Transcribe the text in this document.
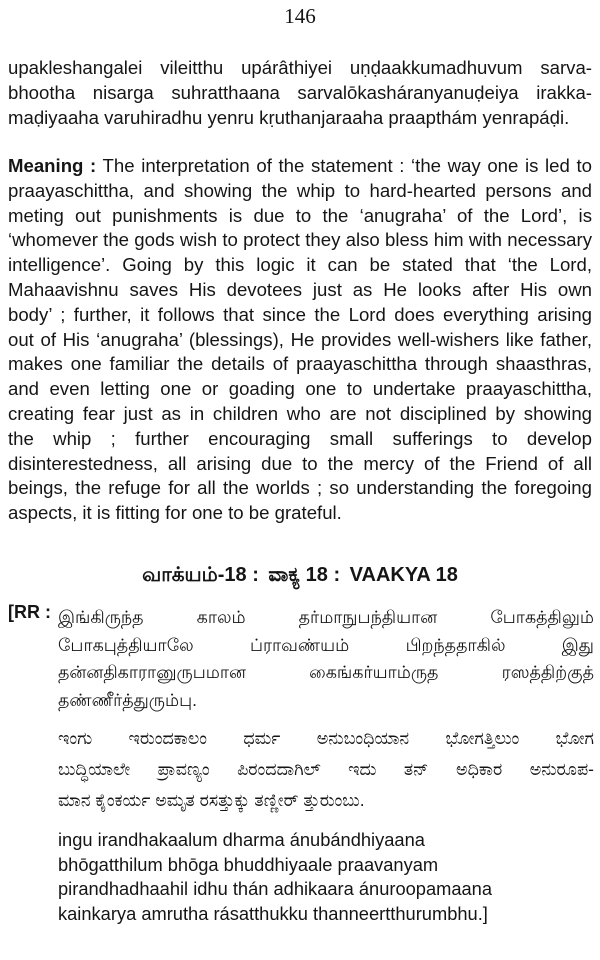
146
upakleshangalei vileitthu upárâthiyei uṇḍaakkumadhuvum sarva-
bhootha nisarga suhratthaana sarvalōkasháranyanuḍeiya irakka-
maḍiyaaha varuhiradhu yenru kṛuthanjaraaha praapthám yenrapáḍi.
Meaning : The interpretation of the statement : ‘the way one is led to
praayaschittha, and showing the whip to hard-hearted persons and
meting out punishments is due to the ‘anugraha’ of the Lord’, is
‘whomever the gods wish to protect they also bless him with necessary
intelligence’. Going by this logic it can be stated that ‘the Lord,
Mahaavishnu saves His devotees just as He looks after His own
body’ ; further, it follows that since the Lord does everything arising
out of His ‘anugraha’ (blessings), He provides well-wishers like father,
makes one familiar the details of praayaschittha through shaasthras,
and even letting one or goading one to undertake praayaschittha,
creating fear just as in children who are not disciplined by showing
the whip ; further encouraging small sufferings to develop
disinterestedness, all arising due to the mercy of the Friend of all
beings, the refuge for all the worlds ; so understanding the foregoing
aspects, it is fitting for one to be grateful.
வாக்யம்-18 : ವಾಕ್ಯ 18 : VAAKYA 18
[RR : இங்கிருந்த காலம் தர்மாநுபந்தியான போகத்திலும்
போகபுத்தியாலே ப்ராவண்யம் பிறந்ததாகில் இது
தன்னதிகாரானுருபமான கைங்கர்யாம்ருத ரஸத்திற்குத்
தண்ணீர்த்துரும்பு.
ಇಂಗು ಇರುಂದಕಾಲಂ ಧರ್ಮ ಅನುಬಂಧಿಯಾನ ಭೋಗತ್ತಿಲುಂ ಭೋಗ
ಬುದ್ಧಿಯಾಲೇ ಪ್ರಾವಣ್ಯಂ ಪಿರಂದದಾಗಿಲ್ ಇದು ತನ್ ಅಧಿಕಾರ ಅನುರೂಪ-
ಮಾನ ಕೈಂಕರ್ಯ ಅಮೃತ ರಸತ್ತುಕ್ಕು ತಣ್ಣೀರ್ ತ್ತುರುಂಬು.
ingu irandhakaalum dharma ánubándhiyaana
bhōgatthilum bhōga bhuddhiyaale praavanyam
pirandhadhaahil idhu thán adhikaara ánuroopamaana
kainkarya amrutha rásatthukku thanneertthurumbhu.]
